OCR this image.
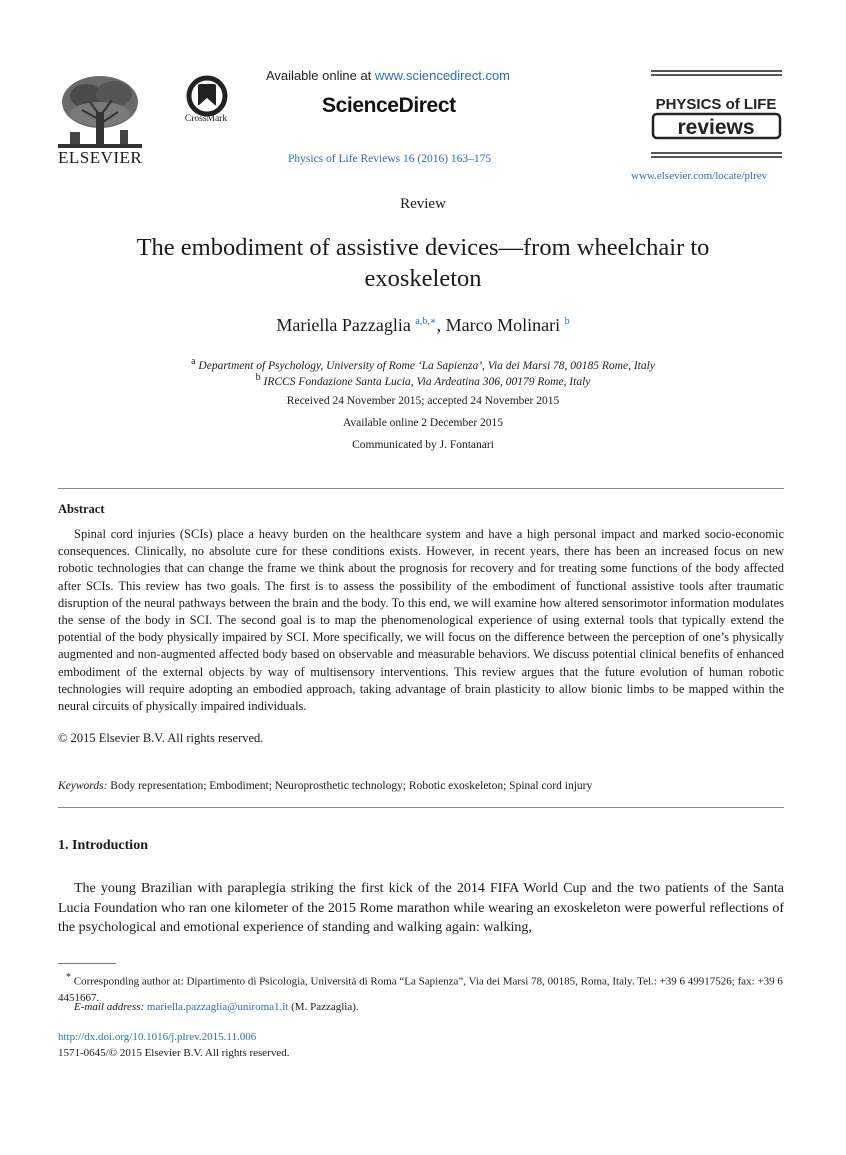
ELSEVIER
CrossMark
Available online at www.sciencedirect.com
ScienceDirect
Physics of Life Reviews 16 (2016) 163–175
PHYSICS of LIFE
reviews
www.elsevier.com/locate/plrev
Review
The embodiment of assistive devices—from wheelchair to exoskeleton
Mariella Pazzaglia $^{a,b,∗}$, Marco Molinari $^b$
$^a$ Department of Psychology, University of Rome ‘La Sapienza’, Via dei Marsi 78, 00185 Rome, Italy
$^b$ IRCCS Fondazione Santa Lucia, Via Ardeatina 306, 00179 Rome, Italy
Received 24 November 2015; accepted 24 November 2015
Available online 2 December 2015
Communicated by J. Fontanari
Abstract
Spinal cord injuries (SCIs) place a heavy burden on the healthcare system and have a high personal impact and marked socio-economic consequences. Clinically, no absolute cure for these conditions exists. However, in recent years, there has been an increased focus on new robotic technologies that can change the frame we think about the prognosis for recovery and for treating some functions of the body affected after SCIs. This review has two goals. The first is to assess the possibility of the embodiment of functional assistive tools after traumatic disruption of the neural pathways between the brain and the body. To this end, we will examine how altered sensorimotor information modulates the sense of the body in SCI. The second goal is to map the phenomenological experience of using external tools that typically extend the potential of the body physically impaired by SCI. More specifically, we will focus on the difference between the perception of one’s physically augmented and non-augmented affected body based on observable and measurable behaviors. We discuss potential clinical benefits of enhanced embodiment of the external objects by way of multisensory interventions. This review argues that the future evolution of human robotic technologies will require adopting an embodied approach, taking advantage of brain plasticity to allow bionic limbs to be mapped within the neural circuits of physically impaired individuals.
© 2015 Elsevier B.V. All rights reserved.
Keywords: Body representation; Embodiment; Neuroprosthetic technology; Robotic exoskeleton; Spinal cord injury
1. Introduction
The young Brazilian with paraplegia striking the first kick of the 2014 FIFA World Cup and the two patients of the Santa Lucia Foundation who ran one kilometer of the 2015 Rome marathon while wearing an exoskeleton were powerful reflections of the psychological and emotional experience of standing and walking again: walking,
* Corresponding author at: Dipartimento di Psicologia, Università di Roma “La Sapienza”, Via dei Marsi 78, 00185, Roma, Italy. Tel.: +39 6 49917526; fax: +39 6 4451667.
E-mail address: mariella.pazzaglia@uniroma1.it (M. Pazzaglia).
http://dx.doi.org/10.1016/j.plrev.2015.11.006
1571-0645/© 2015 Elsevier B.V. All rights reserved.
